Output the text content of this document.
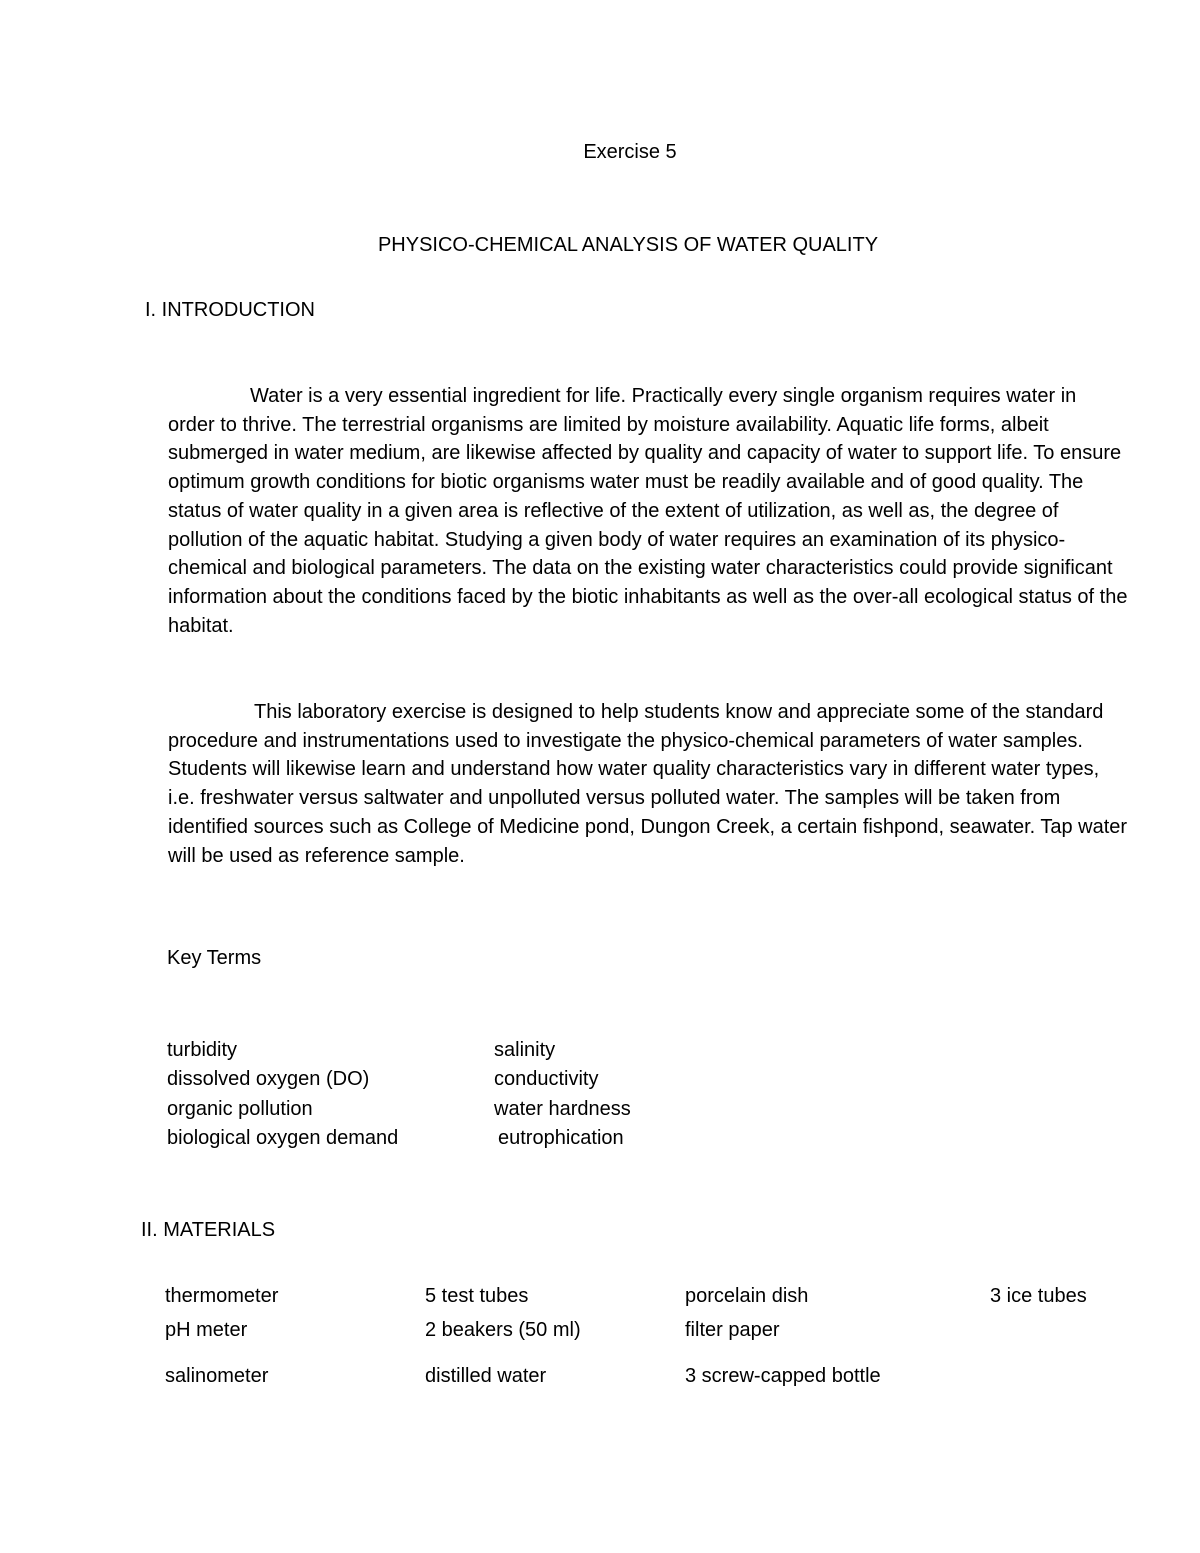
Exercise 5

PHYSICO-CHEMICAL ANALYSIS OF WATER QUALITY

I. INTRODUCTION

Water is a very essential ingredient for life. Practically every single organism requires water in order to thrive. The terrestrial organisms are limited by moisture availability. Aquatic life forms, albeit submerged in water medium, are likewise affected by quality and capacity of water to support life. To ensure optimum growth conditions for biotic organisms water must be readily available and of good quality. The status of water quality in a given area is reflective of the extent of utilization, as well as, the degree of pollution of the aquatic habitat. Studying a given body of water requires an examination of its physico-chemical and biological parameters. The data on the existing water characteristics could provide significant information about the conditions faced by the biotic inhabitants as well as the over-all ecological status of the habitat.

This laboratory exercise is designed to help students know and appreciate some of the standard procedure and instrumentations used to investigate the physico-chemical parameters of water samples. Students will likewise learn and understand how water quality characteristics vary in different water types, i.e. freshwater versus saltwater and unpolluted versus polluted water. The samples will be taken from identified sources such as College of Medicine pond, Dungon Creek, a certain fishpond, seawater. Tap water will be used as reference sample.

Key Terms

turbidity	salinity
dissolved oxygen (DO)	conductivity
organic pollution	water hardness
biological oxygen demand	eutrophication

II. MATERIALS

thermometer	5 test tubes	porcelain dish	3 ice tubes
pH meter	2 beakers (50 ml)	filter paper
salinometer	distilled water	3 screw-capped bottle
